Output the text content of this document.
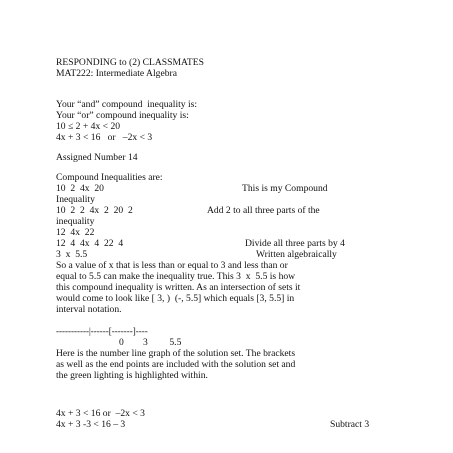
RESPONDING to (2) CLASSMATES
MAT222: Intermediate Algebra
Your “and” compound  inequality is:
Your “or” compound inequality is:
10 ≤ 2 + 4x < 20
4x + 3 < 16   or   –2x < 3
Assigned Number 14
Compound Inequalities are:
10  2  4x  20	This is my Compound
Inequality
10  2  2  4x  2  20  2	Add 2 to all three parts of the
inequality
12  4x  22
12  4  4x  4  22  4	Divide all three parts by 4
3  x  5.5	Written algebraically
So a value of x that is less than or equal to 3 and less than or
equal to 5.5 can make the inequality true. This 3  x  5.5 is how
this compound inequality is written. As an intersection of sets it
would come to look like [ 3, )  (-, 5.5] which equals [3, 5.5] in
interval notation.
-----------|------[-------]----
0        3         5.5
Here is the number line graph of the solution set. The brackets
as well as the end points are included with the solution set and
the green lighting is highlighted within.
4x + 3 < 16 or  –2x < 3
4x + 3 -3 < 16 – 3	Subtract 3
